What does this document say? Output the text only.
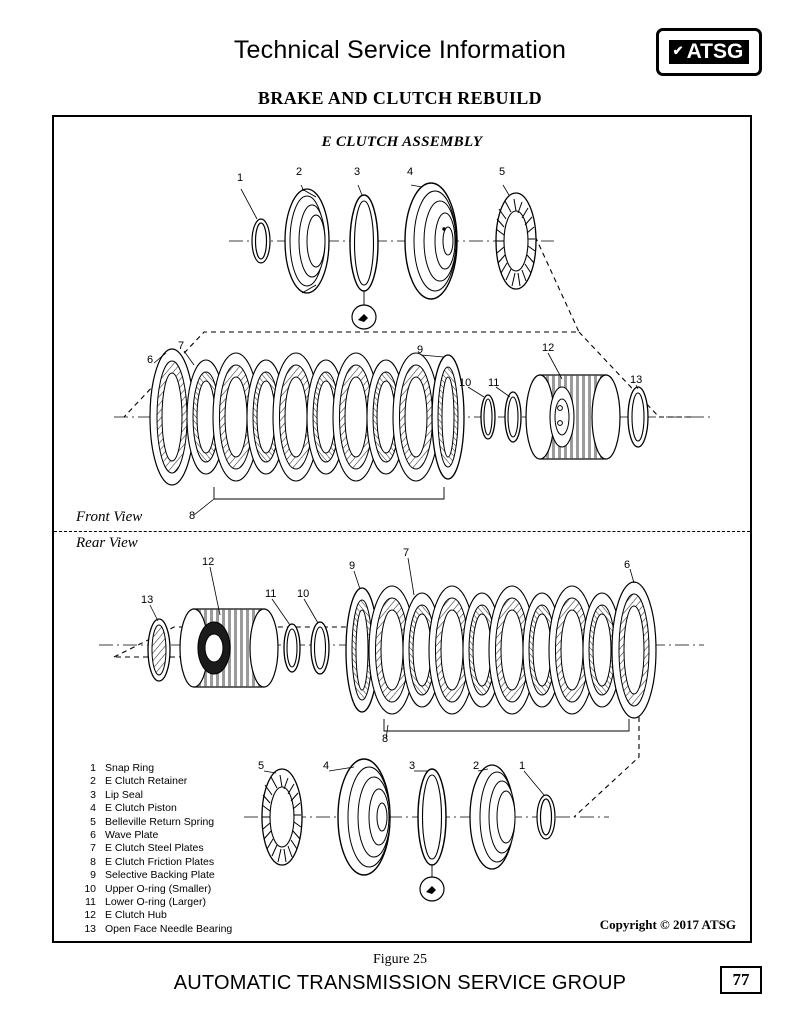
Technical Service Information	✔ ATSG
BRAKE AND CLUTCH REBUILD
E CLUTCH ASSEMBLY
Front View
Rear View
1	2	3	4	5
6
7
8
9
10 11
12
13
12
13	11 10
9
7
6
8
5	4	3	2	1
1 Snap Ring
2 E Clutch Retainer
3 Lip Seal
4 E Clutch Piston
5 Belleville Return Spring
6 Wave Plate
7 E Clutch Steel Plates
8 E Clutch Friction Plates
9 Selective Backing Plate
10 Upper O-ring (Smaller)
11 Lower O-ring (Larger)
12 E Clutch Hub
13 Open Face Needle Bearing	Copyright © 2017 ATSG
Figure 25
AUTOMATIC TRANSMISSION SERVICE GROUP	77
